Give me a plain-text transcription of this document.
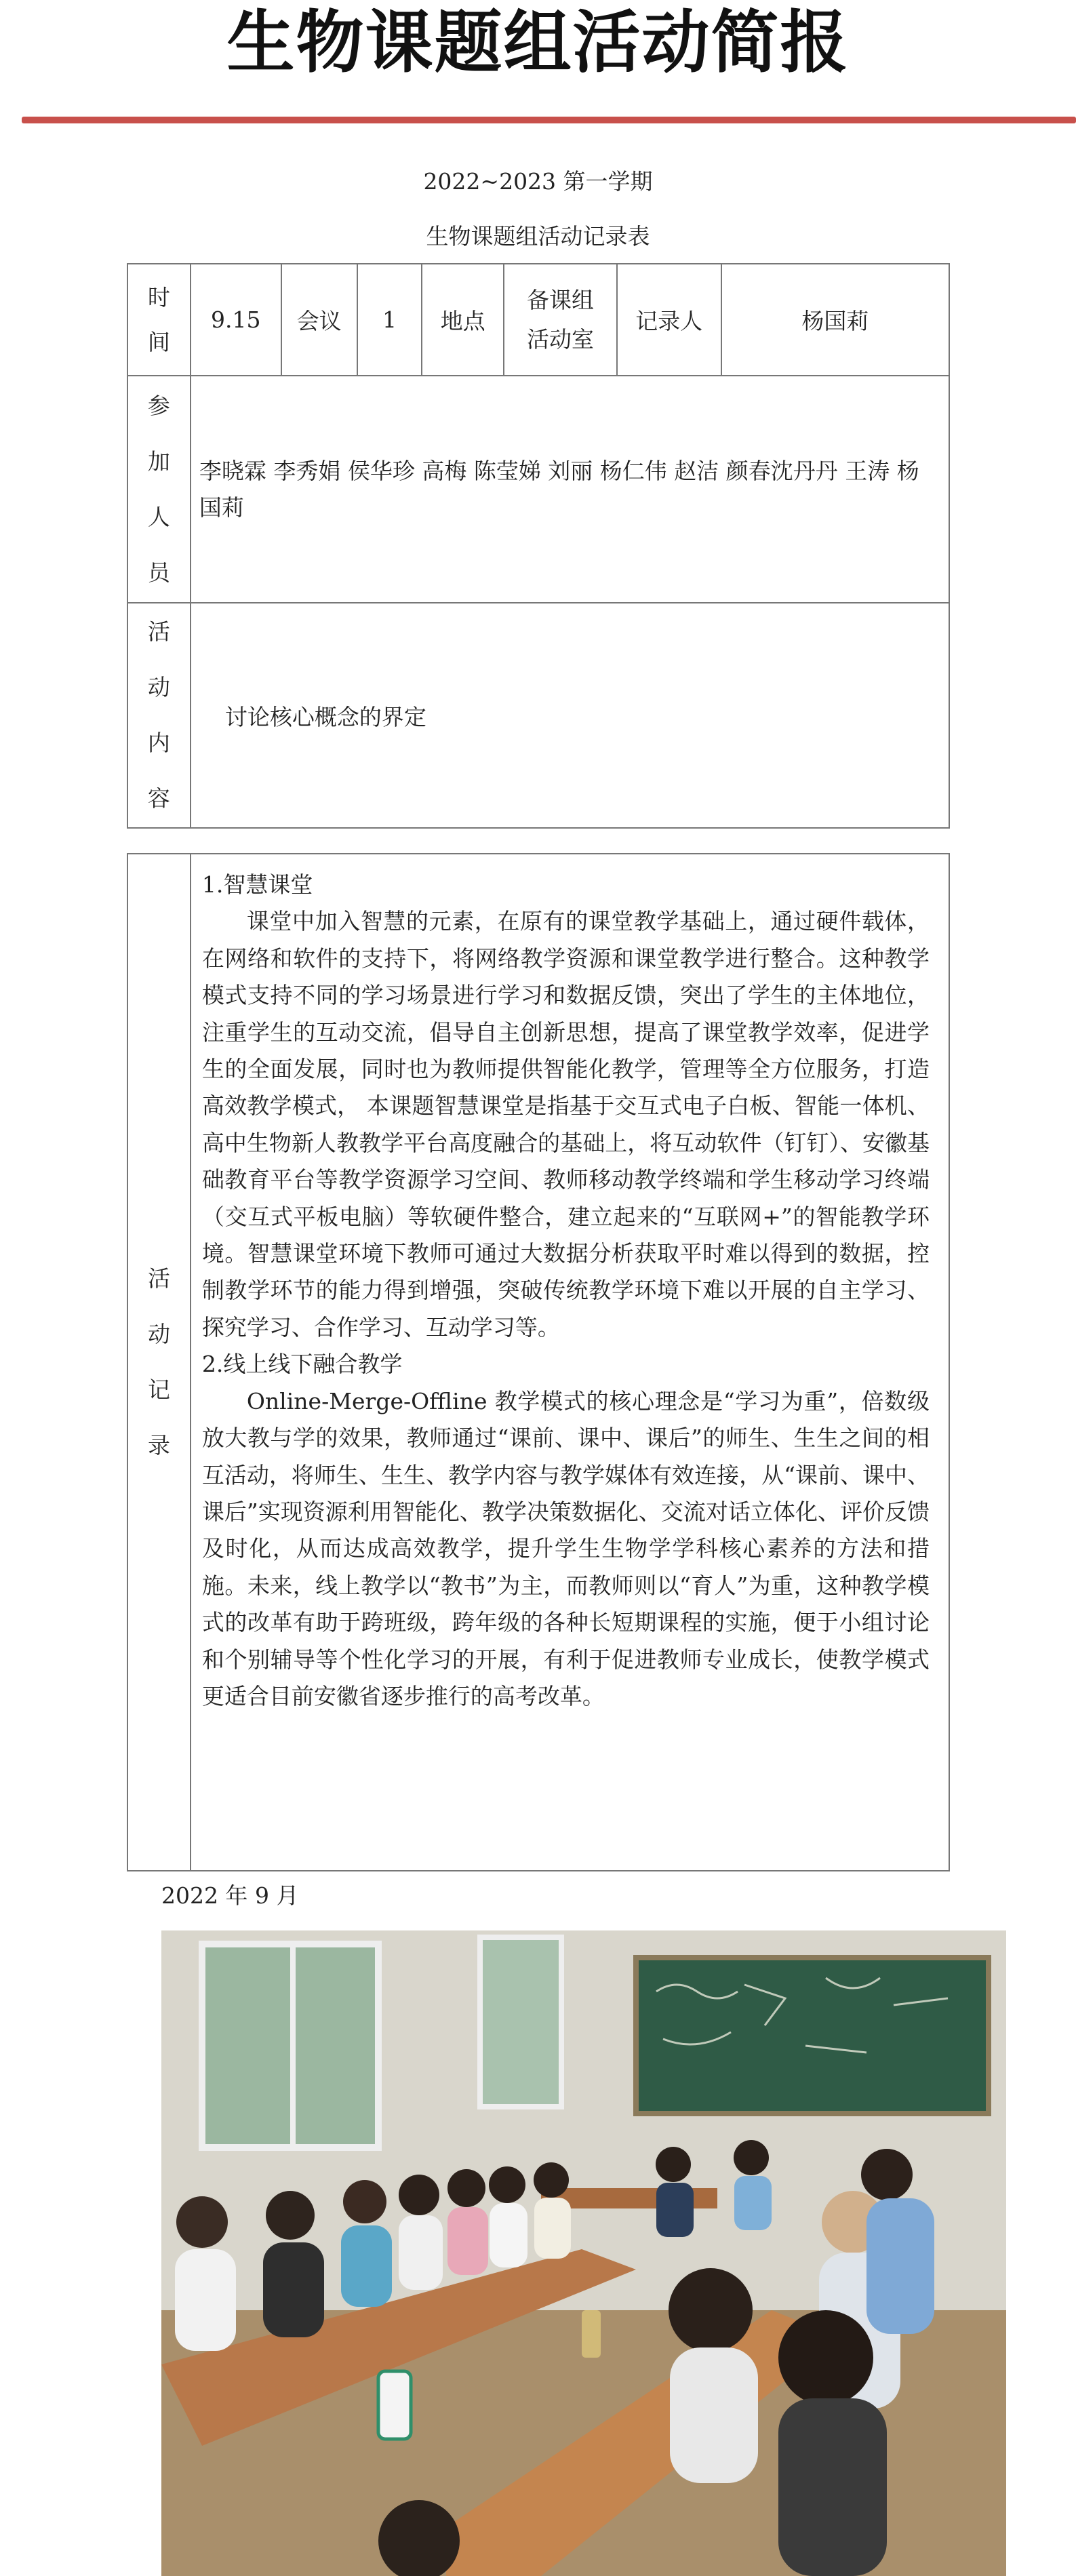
生物课题组活动简报
2022~2023 第一学期
生物课题组活动记录表
时间	9.15	会议	1	地点	备课组活动室	记录人	杨国莉

参加人员	李晓霖 李秀娟 侯华珍 高梅 陈莹娣 刘丽 杨仁伟 赵洁 颜春沈丹丹 王涛 杨国莉						

活动内容	讨论核心概念的界定						
活动记录

1.智慧课堂

课堂中加入智慧的元素，在原有的课堂教学基础上，通过硬件载体，在网络和软件的支持下，将网络教学资源和课堂教学进行整合。这种教学模式支持不同的学习场景进行学习和数据反馈，突出了学生的主体地位，注重学生的互动交流，倡导自主创新思想，提高了课堂教学效率，促进学生的全面发展，同时也为教师提供智能化教学，管理等全方位服务，打造高效教学模式， 本课题智慧课堂是指基于交互式电子白板、智能一体机、高中生物新人教教学平台高度融合的基础上，将互动软件（钉钉）、安徽基础教育平台等教学资源学习空间、教师移动教学终端和学生移动学习终端（交互式平板电脑）等软硬件整合，建立起来的“互联网+”的智能教学环境。智慧课堂环境下教师可通过大数据分析获取平时难以得到的数据，控制教学环节的能力得到增强，突破传统教学环境下难以开展的自主学习、探究学习、合作学习、互动学习等。

2.线上线下融合教学

Online-Merge-Offline 教学模式的核心理念是“学习为重”，倍数级放大教与学的效果，教师通过“课前、课中、课后”的师生、生生之间的相互活动，将师生、生生、教学内容与教学媒体有效连接，从“课前、课中、课后”实现资源利用智能化、教学决策数据化、交流对话立体化、评价反馈及时化，从而达成高效教学，提升学生生物学学科核心素养的方法和措施。未来，线上教学以“教书”为主，而教师则以“育人”为重，这种教学模式的改革有助于跨班级，跨年级的各种长短期课程的实施，便于小组讨论和个别辅导等个性化学习的开展，有利于促进教师专业成长，使教学模式更适合目前安徽省逐步推行的高考改革。

2022 年 9 月
